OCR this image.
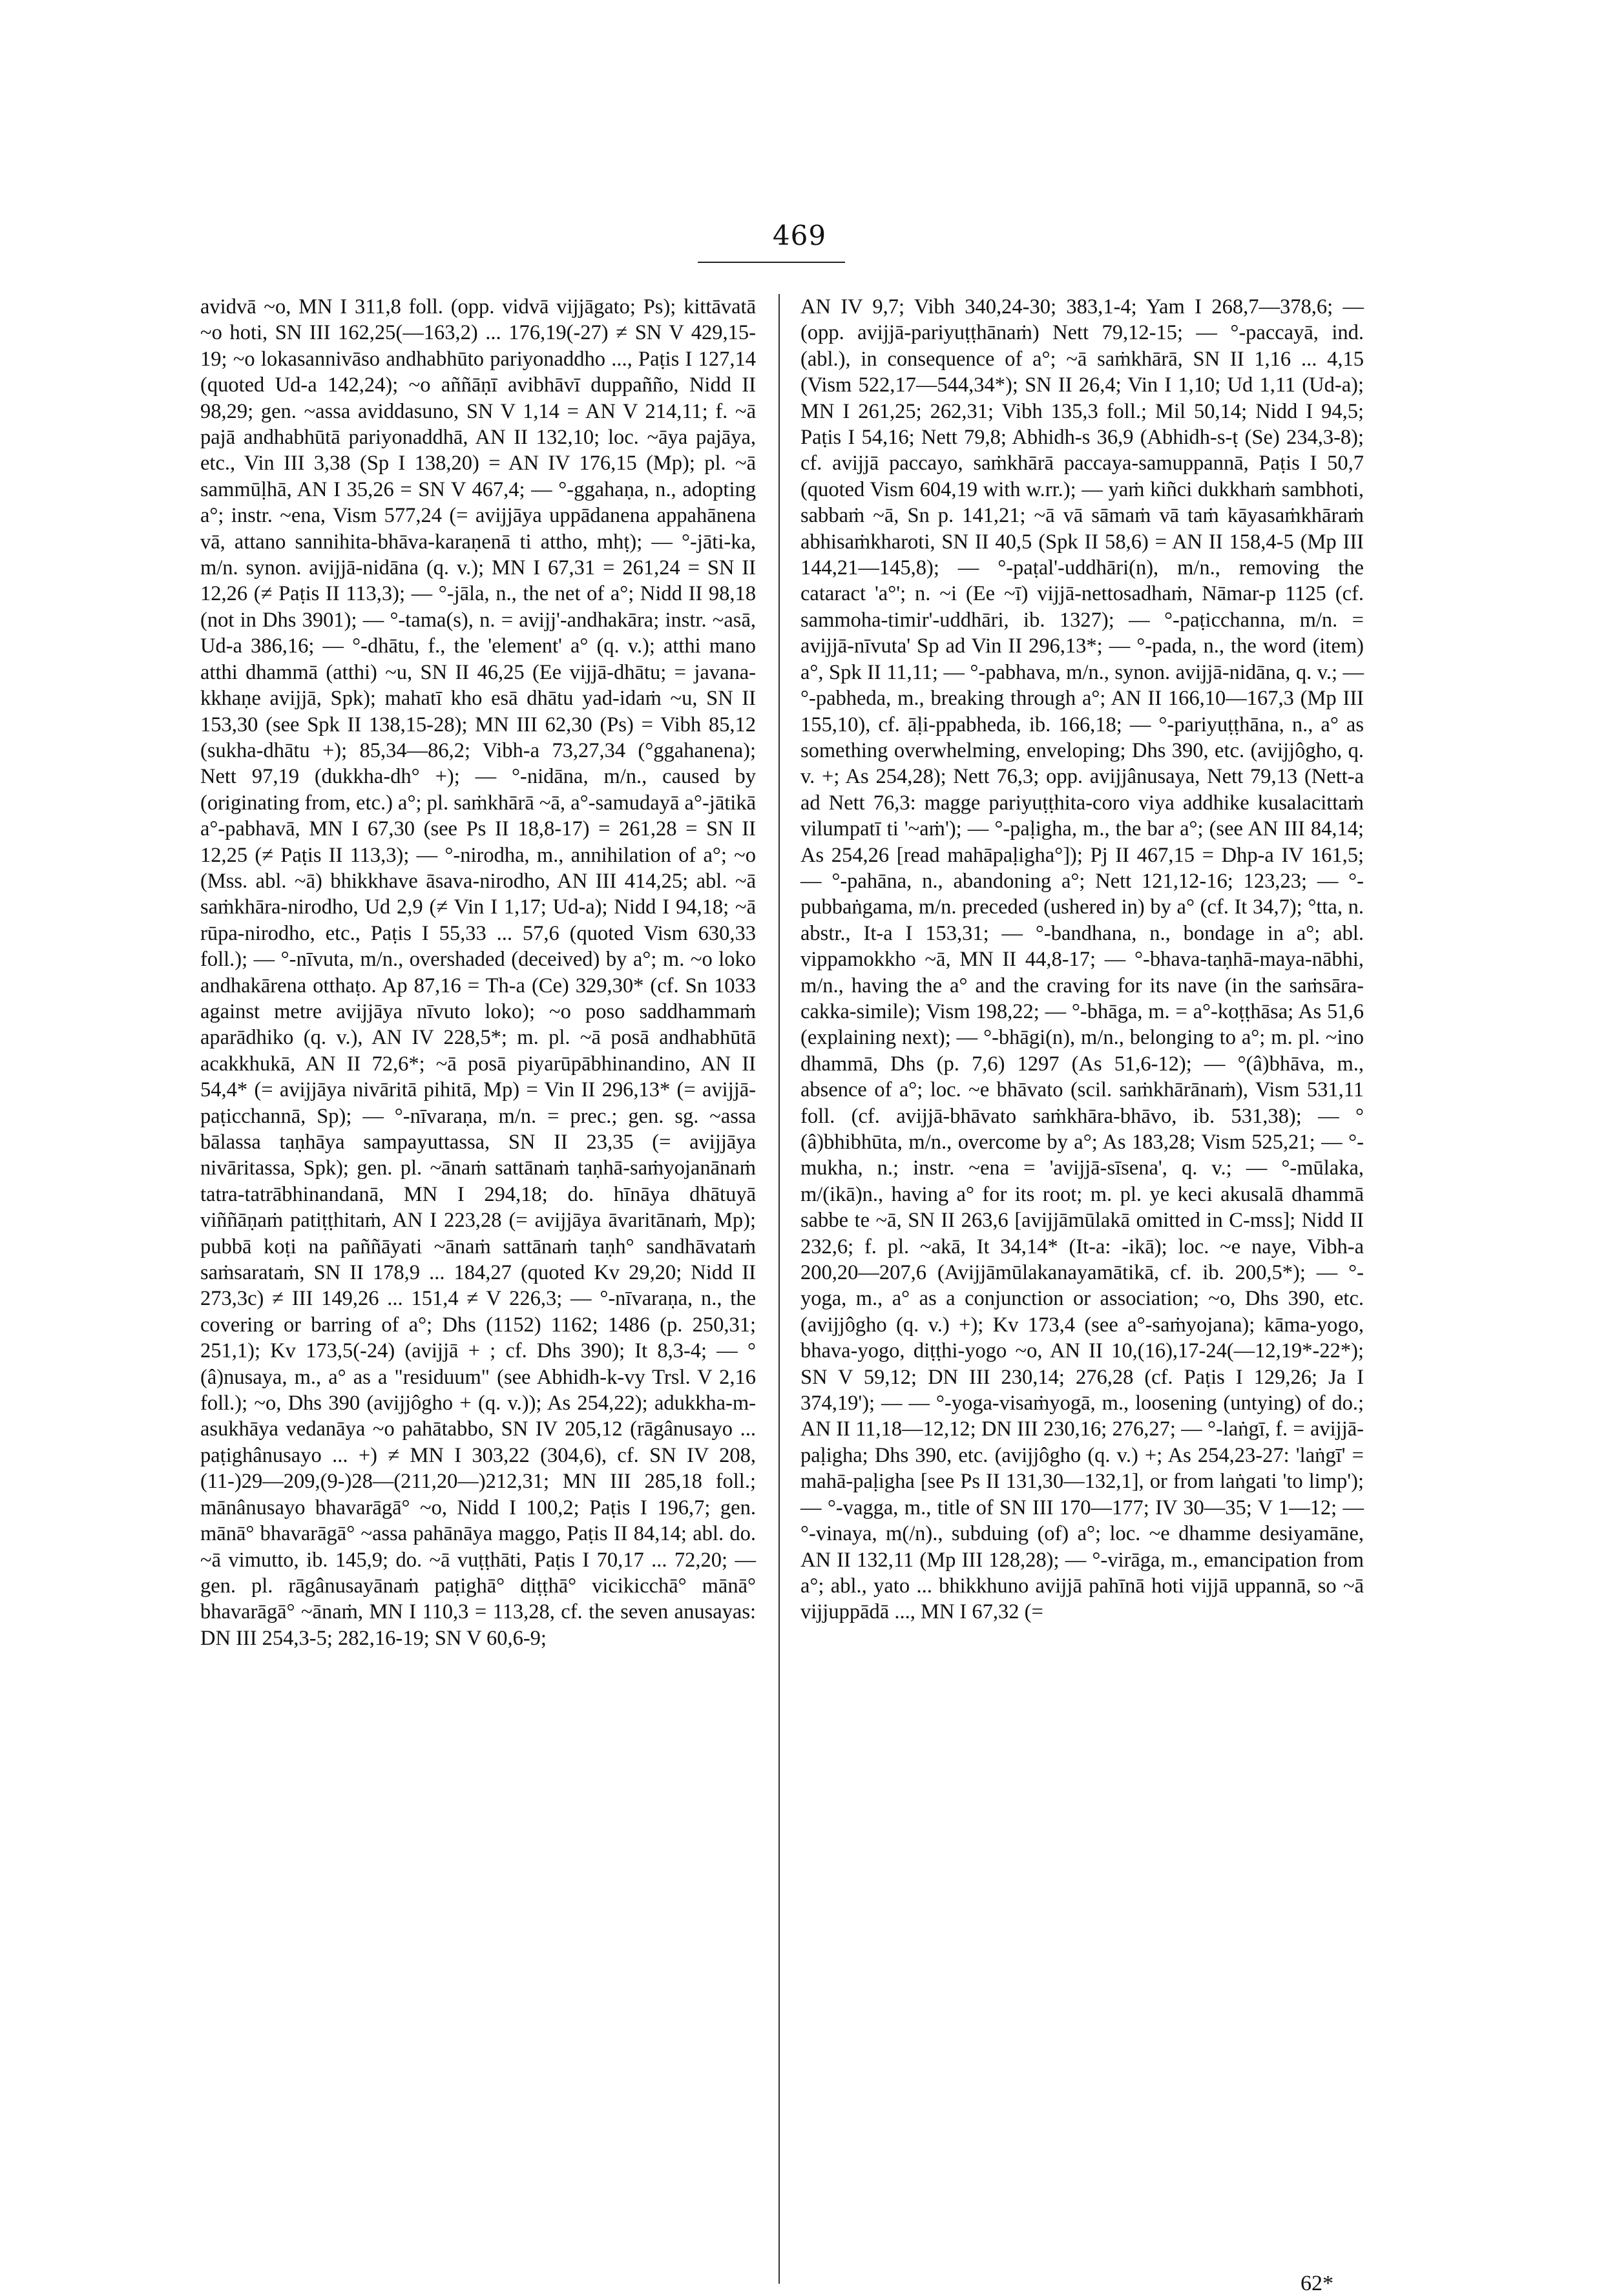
469

avidvā ~o, MN I 311,8 foll. (opp. vidvā vijjāgato; Ps); kittāvatā ~o hoti, SN III 162,25(—163,2) ... 176,19(-27) ≠ SN V 429,15-19; ~o lokasannivāso andhabhūto pariyonaddho ..., Paṭis I 127,14 (quoted Ud-a 142,24); ~o aññāṇī avibhāvī duppañño, Nidd II 98,29; gen. ~assa aviddasuno, SN V 1,14 = AN V 214,11; f. ~ā pajā andhabhūtā pariyonaddhā, AN II 132,10; loc. ~āya pajāya, etc., Vin III 3,38 (Sp I 138,20) = AN IV 176,15 (Mp); pl. ~ā sammūḷhā, AN I 35,26 = SN V 467,4; — °-ggahaṇa, n., adopting a°; instr. ~ena, Vism 577,24 (= avijjāya uppādanena appahānena vā, attano sannihita-bhāva-karaṇenā ti attho, mhṭ); — °-jāti-ka, m/n. synon. avijjā-nidāna (q. v.); MN I 67,31 = 261,24 = SN II 12,26 (≠ Paṭis II 113,3); — °-jāla, n., the net of a°; Nidd II 98,18 (not in Dhs 3901); — °-tama(s), n. = avijj'-andhakāra; instr. ~asā, Ud-a 386,16; — °-dhātu, f., the 'element' a° (q. v.); atthi mano atthi dhammā (atthi) ~u, SN II 46,25 (Ee vijjā-dhātu; = javana-kkhaṇe avijjā, Spk); mahatī kho esā dhātu yad-idaṁ ~u, SN II 153,30 (see Spk II 138,15-28); MN III 62,30 (Ps) = Vibh 85,12 (sukha-dhātu +); 85,34—86,2; Vibh-a 73,27,34 (°ggahanena); Nett 97,19 (dukkha-dh° +); — °-nidāna, m/n., caused by (originating from, etc.) a°; pl. saṁkhārā ~ā, a°-samudayā a°-jātikā a°-pabhavā, MN I 67,30 (see Ps II 18,8-17) = 261,28 = SN II 12,25 (≠ Paṭis II 113,3); — °-nirodha, m., annihilation of a°; ~o (Mss. abl. ~ā) bhikkhave āsava-nirodho, AN III 414,25; abl. ~ā saṁkhāra-nirodho, Ud 2,9 (≠ Vin I 1,17; Ud-a); Nidd I 94,18; ~ā rūpa-nirodho, etc., Paṭis I 55,33 ... 57,6 (quoted Vism 630,33 foll.); — °-nīvuta, m/n., overshaded (deceived) by a°; m. ~o loko andhakārena otthaṭo. Ap 87,16 = Th-a (Ce) 329,30* (cf. Sn 1033 against metre avijjāya nīvuto loko); ~o poso saddhammaṁ aparādhiko (q. v.), AN IV 228,5*; m. pl. ~ā posā andhabhūtā acakkhukā, AN II 72,6*; ~ā posā piyarūpābhinandino, AN II 54,4* (= avijjāya nivāritā pihitā, Mp) = Vin II 296,13* (= avijjā-paṭicchannā, Sp); — °-nīvaraṇa, m/n. = prec.; gen. sg. ~assa bālassa taṇhāya sampayuttassa, SN II 23,35 (= avijjāya nivāritassa, Spk); gen. pl. ~ānaṁ sattānaṁ taṇhā-saṁyojanānaṁ tatra-tatrābhinandanā, MN I 294,18; do. hīnāya dhātuyā viññāṇaṁ patiṭṭhitaṁ, AN I 223,28 (= avijjāya āvaritānaṁ, Mp); pubbā koṭi na paññāyati ~ānaṁ sattānaṁ taṇh° sandhāvataṁ saṁsarataṁ, SN II 178,9 ... 184,27 (quoted Kv 29,20; Nidd II 273,3c) ≠ III 149,26 ... 151,4 ≠ V 226,3; — °-nīvaraṇa, n., the covering or barring of a°; Dhs (1152) 1162; 1486 (p. 250,31; 251,1); Kv 173,5(-24) (avijjā + ; cf. Dhs 390); It 8,3-4; — °(â)nusaya, m., a° as a "residuum" (see Abhidh-k-vy Trsl. V 2,16 foll.); ~o, Dhs 390 (avijjôgho + (q. v.)); As 254,22); adukkha-m-asukhāya vedanāya ~o pahātabbo, SN IV 205,12 (rāgânusayo ... paṭighânusayo ... +) ≠ MN I 303,22 (304,6), cf. SN IV 208,(11-)29—209,(9-)28—(211,20—)212,31; MN III 285,18 foll.; mānânusayo bhavarāgā° ~o, Nidd I 100,2; Paṭis I 196,7; gen. mānā° bhavarāgā° ~assa pahānāya maggo, Paṭis II 84,14; abl. do. ~ā vimutto, ib. 145,9; do. ~ā vuṭṭhāti, Paṭis I 70,17 ... 72,20; — gen. pl. rāgânusayānaṁ paṭighā° diṭṭhā° vicikicchā° mānā° bhavarāgā° ~ānaṁ, MN I 110,3 = 113,28, cf. the seven anusayas: DN III 254,3-5; 282,16-19; SN V 60,6-9;

AN IV 9,7; Vibh 340,24-30; 383,1-4; Yam I 268,7—378,6; — (opp. avijjā-pariyuṭṭhānaṁ) Nett 79,12-15; — °-paccayā, ind. (abl.), in consequence of a°; ~ā saṁkhārā, SN II 1,16 ... 4,15 (Vism 522,17—544,34*); SN II 26,4; Vin I 1,10; Ud 1,11 (Ud-a); MN I 261,25; 262,31; Vibh 135,3 foll.; Mil 50,14; Nidd I 94,5; Paṭis I 54,16; Nett 79,8; Abhidh-s 36,9 (Abhidh-s-ṭ (Se) 234,3-8); cf. avijjā paccayo, saṁkhārā paccaya-samuppannā, Paṭis I 50,7 (quoted Vism 604,19 with w.rr.); — yaṁ kiñci dukkhaṁ sambhoti, sabbaṁ ~ā, Sn p. 141,21; ~ā vā sāmaṁ vā taṁ kāyasaṁkhāraṁ abhisaṁkharoti, SN II 40,5 (Spk II 58,6) = AN II 158,4-5 (Mp III 144,21—145,8); — °-paṭal'-uddhāri(n), m/n., removing the cataract 'a°'; n. ~i (Ee ~ī) vijjā-nettosadhaṁ, Nāmar-p 1125 (cf. sammoha-timir'-uddhāri, ib. 1327); — °-paṭicchanna, m/n. = avijjā-nīvuta' Sp ad Vin II 296,13*; — °-pada, n., the word (item) a°, Spk II 11,11; — °-pabhava, m/n., synon. avijjā-nidāna, q. v.; — °-pabheda, m., breaking through a°; AN II 166,10—167,3 (Mp III 155,10), cf. āḷi-ppabheda, ib. 166,18; — °-pariyuṭṭhāna, n., a° as something overwhelming, enveloping; Dhs 390, etc. (avijjôgho, q. v. +; As 254,28); Nett 76,3; opp. avijjânusaya, Nett 79,13 (Nett-a ad Nett 76,3: magge pariyuṭṭhita-coro viya addhike kusalacittaṁ vilumpatī ti '~aṁ'); — °-paḷigha, m., the bar a°; (see AN III 84,14; As 254,26 [read mahāpaḷigha°]); Pj II 467,15 = Dhp-a IV 161,5; — °-pahāna, n., abandoning a°; Nett 121,12-16; 123,23; — °-pubbaṅgama, m/n. preceded (ushered in) by a° (cf. It 34,7); °tta, n. abstr., It-a I 153,31; — °-bandhana, n., bondage in a°; abl. vippamokkho ~ā, MN II 44,8-17; — °-bhava-taṇhā-maya-nābhi, m/n., having the a° and the craving for its nave (in the saṁsāra-cakka-simile); Vism 198,22; — °-bhāga, m. = a°-koṭṭhāsa; As 51,6 (explaining next); — °-bhāgi(n), m/n., belonging to a°; m. pl. ~ino dhammā, Dhs (p. 7,6) 1297 (As 51,6-12); — °(â)bhāva, m., absence of a°; loc. ~e bhāvato (scil. saṁkhārānaṁ), Vism 531,11 foll. (cf. avijjā-bhāvato saṁkhāra-bhāvo, ib. 531,38); — °(â)bhibhūta, m/n., overcome by a°; As 183,28; Vism 525,21; — °-mukha, n.; instr. ~ena = 'avijjā-sīsena', q. v.; — °-mūlaka, m/(ikā)n., having a° for its root; m. pl. ye keci akusalā dhammā sabbe te ~ā, SN II 263,6 [avijjāmūlakā omitted in C-mss]; Nidd II 232,6; f. pl. ~akā, It 34,14* (It-a: -ikā); loc. ~e naye, Vibh-a 200,20—207,6 (Avijjāmūlakanayamātikā, cf. ib. 200,5*); — °-yoga, m., a° as a conjunction or association; ~o, Dhs 390, etc. (avijjôgho (q. v.) +); Kv 173,4 (see a°-saṁyojana); kāma-yogo, bhava-yogo, diṭṭhi-yogo ~o, AN II 10,(16),17-24(—12,19*-22*); SN V 59,12; DN III 230,14; 276,28 (cf. Paṭis I 129,26; Ja I 374,19'); — — °-yoga-visaṁyogā, m., loosening (untying) of do.; AN II 11,18—12,12; DN III 230,16; 276,27; — °-laṅgī, f. = avijjā-paḷigha; Dhs 390, etc. (avijjôgho (q. v.) +; As 254,23-27: 'laṅgī' = mahā-paḷigha [see Ps II 131,30—132,1], or from laṅgati 'to limp'); — °-vagga, m., title of SN III 170—177; IV 30—35; V 1—12; — °-vinaya, m(/n)., subduing (of) a°; loc. ~e dhamme desiyamāne, AN II 132,11 (Mp III 128,28); — °-virāga, m., emancipation from a°; abl., yato ... bhikkhuno avijjā pahīnā hoti vijjā uppannā, so ~ā vijjuppādā ..., MN I 67,32 (=

62*
